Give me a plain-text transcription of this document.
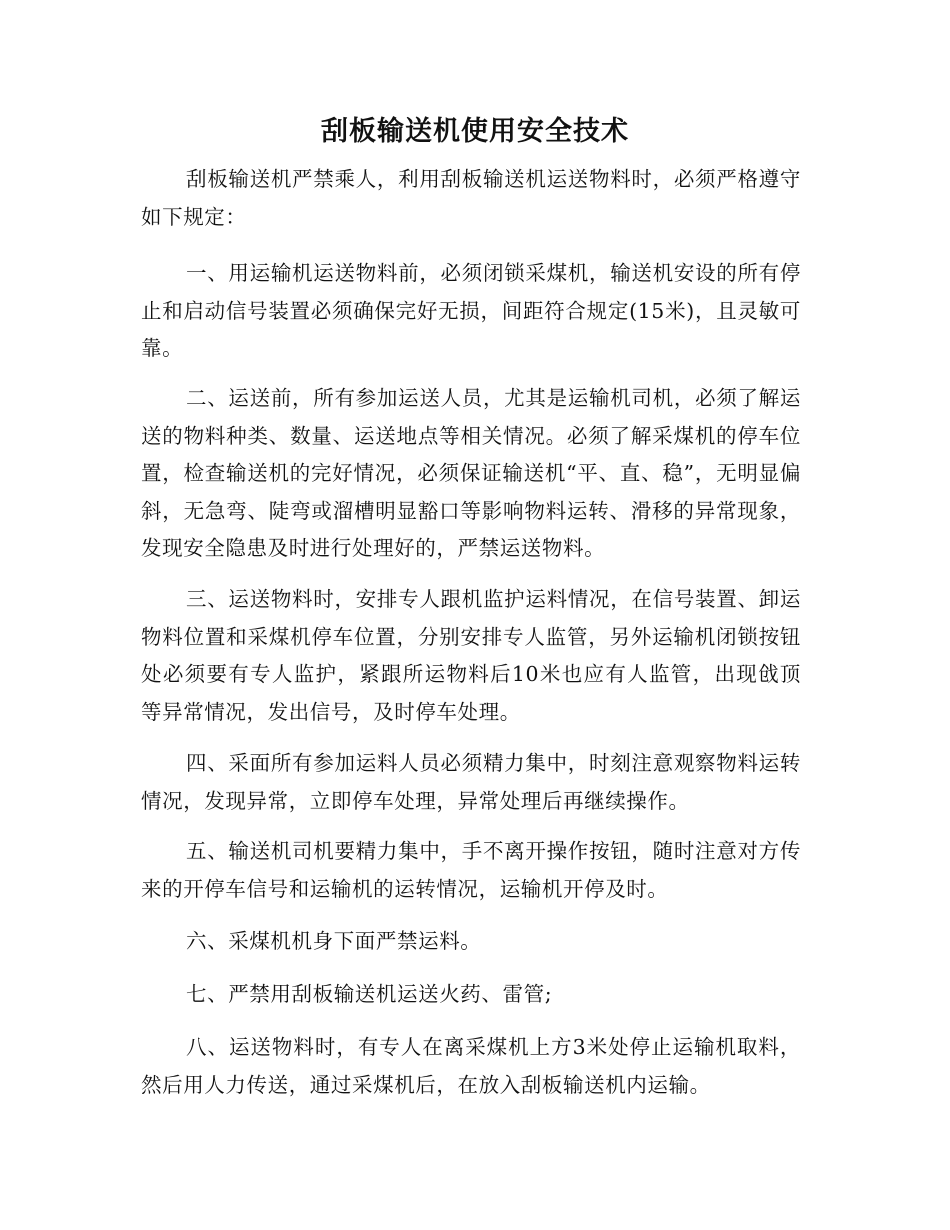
刮板输送机使用安全技术

刮板输送机严禁乘人，利用刮板输送机运送物料时，必须严格遵守如下规定：

一、用运输机运送物料前，必须闭锁采煤机，输送机安设的所有停止和启动信号装置必须确保完好无损，间距符合规定(15米)，且灵敏可靠。

二、运送前，所有参加运送人员，尤其是运输机司机，必须了解运送的物料种类、数量、运送地点等相关情况。必须了解采煤机的停车位置，检查输送机的完好情况，必须保证输送机“平、直、稳”，无明显偏斜，无急弯、陡弯或溜槽明显豁口等影响物料运转、滑移的异常现象，发现安全隐患及时进行处理好的，严禁运送物料。

三、运送物料时，安排专人跟机监护运料情况，在信号装置、卸运物料位置和采煤机停车位置，分别安排专人监管，另外运输机闭锁按钮处必须要有专人监护，紧跟所运物料后10米也应有人监管，出现戗顶等异常情况，发出信号，及时停车处理。

四、采面所有参加运料人员必须精力集中，时刻注意观察物料运转情况，发现异常，立即停车处理，异常处理后再继续操作。

五、输送机司机要精力集中，手不离开操作按钮，随时注意对方传来的开停车信号和运输机的运转情况，运输机开停及时。

六、采煤机机身下面严禁运料。

七、严禁用刮板输送机运送火药、雷管;

八、运送物料时，有专人在离采煤机上方3米处停止运输机取料，然后用人力传送，通过采煤机后，在放入刮板输送机内运输。
